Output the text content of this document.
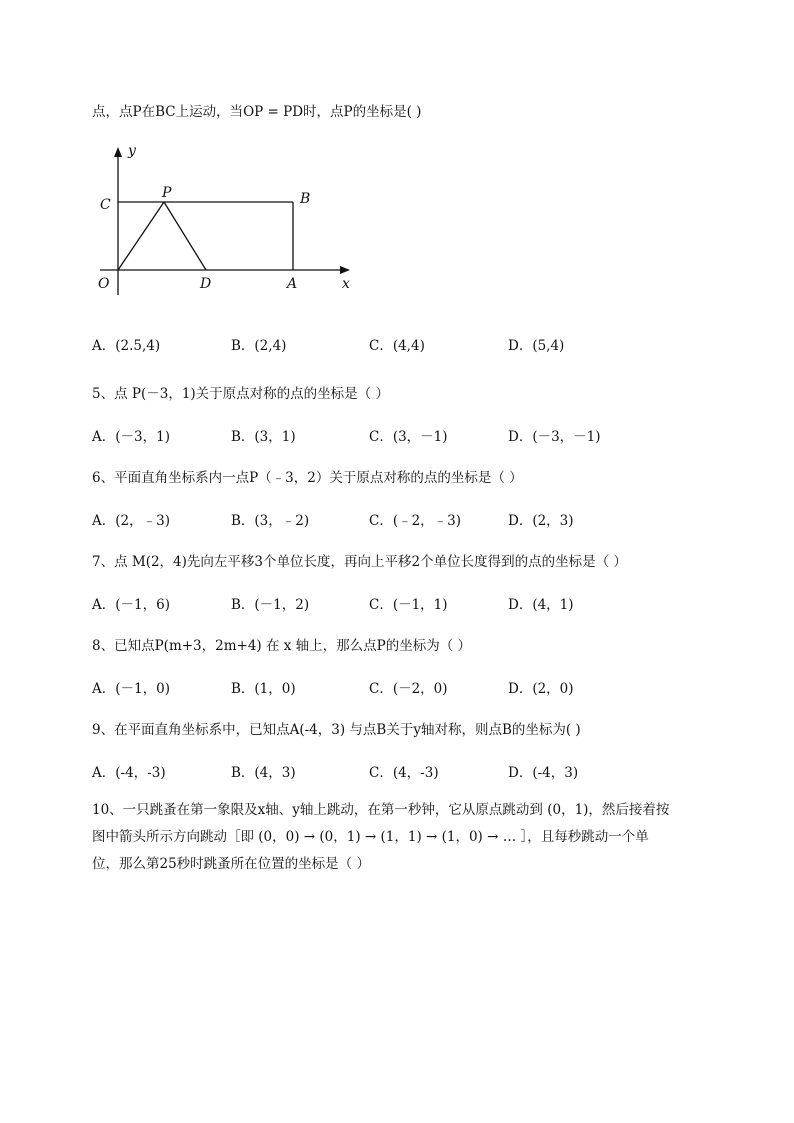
点，点P在BC上运动，当OP = PD时，点P的坐标是( )
y
x
C
P	B
O	D	A
A．(2.5,4)	B．(2,4)	C．(4,4)	D．(5,4)
5、点 P(－3，1)关于原点对称的点的坐标是（ ）
A．(－3，1)	B．(3，1)	C．(3，－1)	D．(－3，－1)
6、平面直角坐标系内一点P（﹣3，2）关于原点对称的点的坐标是（ ）
A．(2，﹣3)	B．(3，﹣2)	C．(﹣2，﹣3)	D．(2，3)
7、点 M(2，4)先向左平移3个单位长度，再向上平移2个单位长度得到的点的坐标是（ ）
A．(－1，6)	B．(－1，2)	C．(－1，1)	D．(4，1)
8、已知点P(m+3，2m+4) 在 x 轴上，那么点P的坐标为（ ）
A．(－1，0)	B．(1，0)	C．(－2，0)	D．(2，0)
9、在平面直角坐标系中，已知点A(-4，3) 与点B关于y轴对称，则点B的坐标为( )
A．(-4，-3)	B．(4，3)	C．(4，-3)	D．(-4，3)
10、一只跳蚤在第一象限及x轴、y轴上跳动，在第一秒钟，它从原点跳动到 (0，1)，然后接着按
图中箭头所示方向跳动［即 (0，0) → (0，1) → (1，1) → (1，0) → … ］，且每秒跳动一个单
位，那么第25秒时跳蚤所在位置的坐标是（ ）
